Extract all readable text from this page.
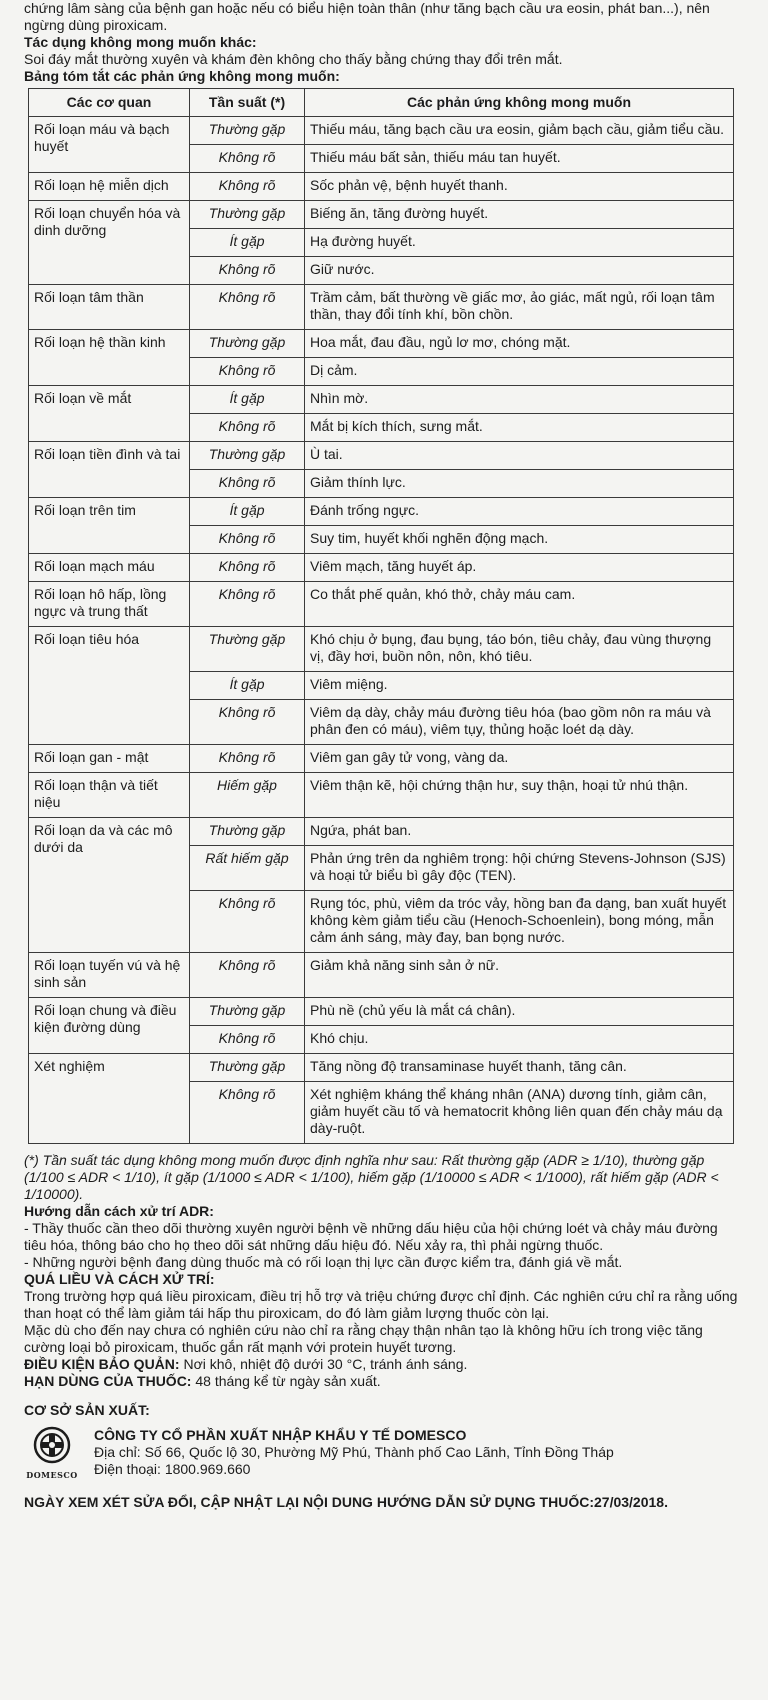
chứng lâm sàng của bệnh gan hoặc nếu có biểu hiện toàn thân (như tăng bạch cầu ưa eosin, phát ban...), nên ngừng dùng piroxicam.

Tác dụng không mong muốn khác:

Soi đáy mắt thường xuyên và khám đèn không cho thấy bằng chứng thay đổi trên mắt.

Bảng tóm tắt các phản ứng không mong muốn:

Các cơ quan	Tần suất (*)	Các phản ứng không mong muốn
Rối loạn máu và bạch huyết	Thường gặp	Thiếu máu, tăng bạch cầu ưa eosin, giảm bạch cầu, giảm tiểu cầu.
	Không rõ	Thiếu máu bất sản, thiếu máu tan huyết.
Rối loạn hệ miễn dịch	Không rõ	Sốc phản vệ, bệnh huyết thanh.
Rối loạn chuyển hóa và dinh dưỡng	Thường gặp	Biếng ăn, tăng đường huyết.
	Ít gặp	Hạ đường huyết.
	Không rõ	Giữ nước.
Rối loạn tâm thần	Không rõ	Trầm cảm, bất thường về giấc mơ, ảo giác, mất ngủ, rối loạn tâm thần, thay đổi tính khí, bồn chồn.
Rối loạn hệ thần kinh	Thường gặp	Hoa mắt, đau đầu, ngủ lơ mơ, chóng mặt.
	Không rõ	Dị cảm.
Rối loạn về mắt	Ít gặp	Nhìn mờ.
	Không rõ	Mắt bị kích thích, sưng mắt.
Rối loạn tiền đình và tai	Thường gặp	Ù tai.
	Không rõ	Giảm thính lực.
Rối loạn trên tim	Ít gặp	Đánh trống ngực.
	Không rõ	Suy tim, huyết khối nghẽn động mạch.
Rối loạn mạch máu	Không rõ	Viêm mạch, tăng huyết áp.
Rối loạn hô hấp, lồng ngực và trung thất	Không rõ	Co thắt phế quản, khó thở, chảy máu cam.
Rối loạn tiêu hóa	Thường gặp	Khó chịu ở bụng, đau bụng, táo bón, tiêu chảy, đau vùng thượng vị, đầy hơi, buồn nôn, nôn, khó tiêu.
	Ít gặp	Viêm miệng.
	Không rõ	Viêm dạ dày, chảy máu đường tiêu hóa (bao gồm nôn ra máu và phân đen có máu), viêm tụy, thủng hoặc loét dạ dày.
Rối loạn gan - mật	Không rõ	Viêm gan gây tử vong, vàng da.
Rối loạn thận và tiết niệu	Hiếm gặp	Viêm thận kẽ, hội chứng thận hư, suy thận, hoại tử nhú thận.
Rối loạn da và các mô dưới da	Thường gặp	Ngứa, phát ban.
	Rất hiếm gặp	Phản ứng trên da nghiêm trọng: hội chứng Stevens-Johnson (SJS) và hoại tử biểu bì gây độc (TEN).
	Không rõ	Rụng tóc, phù, viêm da tróc vảy, hồng ban đa dạng, ban xuất huyết không kèm giảm tiểu cầu (Henoch-Schoenlein), bong móng, mẫn cảm ánh sáng, mày đay, ban bọng nước.
Rối loạn tuyến vú và hệ sinh sản	Không rõ	Giảm khả năng sinh sản ở nữ.
Rối loạn chung và điều kiện đường dùng	Thường gặp	Phù nề (chủ yếu là mắt cá chân).
	Không rõ	Khó chịu.
Xét nghiệm	Thường gặp	Tăng nồng độ transaminase huyết thanh, tăng cân.
	Không rõ	Xét nghiệm kháng thể kháng nhân (ANA) dương tính, giảm cân, giảm huyết cầu tố và hematocrit không liên quan đến chảy máu dạ dày-ruột.

(*) Tần suất tác dụng không mong muốn được định nghĩa như sau: Rất thường gặp (ADR ≥ 1/10), thường gặp (1/100 ≤ ADR < 1/10), ít gặp (1/1000 ≤ ADR < 1/100), hiếm gặp (1/10000 ≤ ADR < 1/1000), rất hiếm gặp (ADR < 1/10000).

Hướng dẫn cách xử trí ADR:

- Thầy thuốc cần theo dõi thường xuyên người bệnh về những dấu hiệu của hội chứng loét và chảy máu đường tiêu hóa, thông báo cho họ theo dõi sát những dấu hiệu đó. Nếu xảy ra, thì phải ngừng thuốc.

- Những người bệnh đang dùng thuốc mà có rối loạn thị lực cần được kiểm tra, đánh giá về mắt.

QUÁ LIỀU VÀ CÁCH XỬ TRÍ:

Trong trường hợp quá liều piroxicam, điều trị hỗ trợ và triệu chứng được chỉ định. Các nghiên cứu chỉ ra rằng uống than hoạt có thể làm giảm tái hấp thu piroxicam, do đó làm giảm lượng thuốc còn lại.

Mặc dù cho đến nay chưa có nghiên cứu nào chỉ ra rằng chạy thận nhân tạo là không hữu ích trong việc tăng cường loại bỏ piroxicam, thuốc gắn rất mạnh với protein huyết tương.

ĐIỀU KIỆN BẢO QUẢN: Nơi khô, nhiệt độ dưới 30 °C, tránh ánh sáng.

HẠN DÙNG CỦA THUỐC: 48 tháng kể từ ngày sản xuất.

CƠ SỞ SẢN XUẤT:

DOMESCO

CÔNG TY CỔ PHẦN XUẤT NHẬP KHẨU Y TẾ DOMESCO

Địa chỉ: Số 66, Quốc lộ 30, Phường Mỹ Phú, Thành phố Cao Lãnh, Tỉnh Đồng Tháp

Điện thoại: 1800.969.660

NGÀY XEM XÉT SỬA ĐỔI, CẬP NHẬT LẠI NỘI DUNG HƯỚNG DẪN SỬ DỤNG THUỐC:27/03/2018.
